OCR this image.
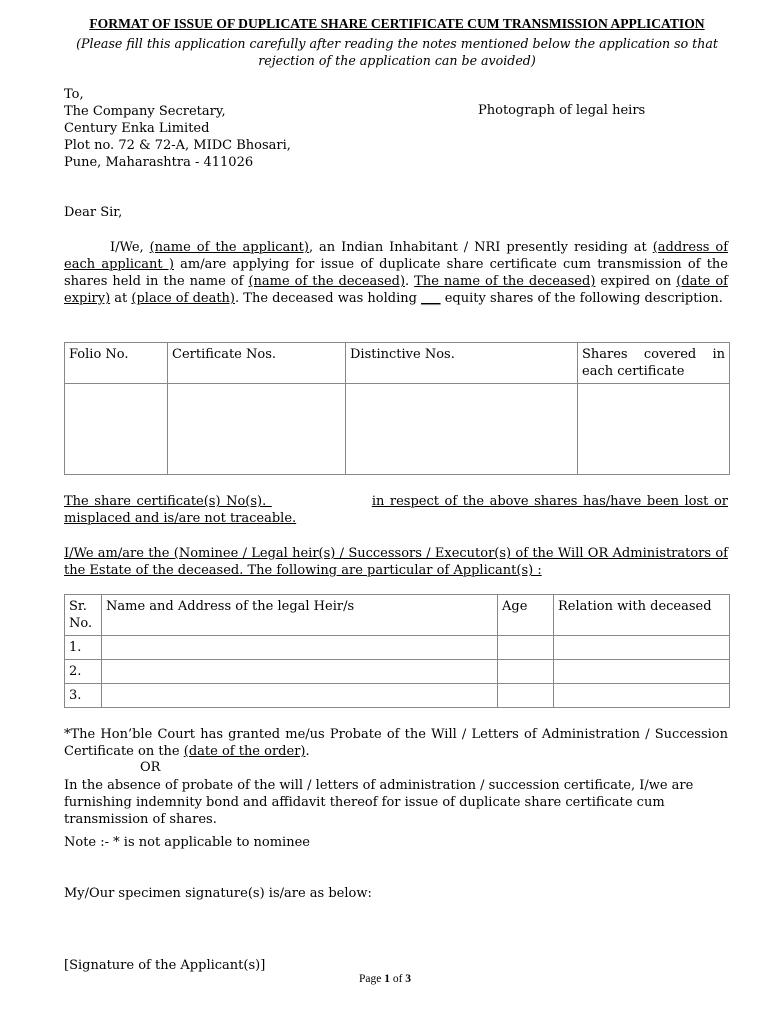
FORMAT OF ISSUE OF DUPLICATE SHARE CERTIFICATE CUM TRANSMISSION APPLICATION
(Please fill this application carefully after reading the notes mentioned below the application so that
rejection of the application can be avoided)
To,
The Company Secretary,
Century Enka Limited
Plot no. 72 & 72-A, MIDC Bhosari,
Pune, Maharashtra - 411026
Photograph of legal heirs
Dear Sir,
I/We, (name of the applicant), an Indian Inhabitant / NRI presently residing at (address of each applicant ) am/are applying for issue of duplicate share certificate cum transmission of the shares held in the name of (name of the deceased). The name of the deceased) expired on (date of expiry) at (place of death). The deceased was holding ___ equity shares of the following description.
Folio No.	Certificate Nos.	Distinctive Nos.	Shares covered in each certificate

The share certificate(s) No(s).	in respect of the above shares has/have been lost or misplaced and is/are not traceable.
I/We am/are the (Nominee / Legal heir(s) / Successors / Executor(s) of the Will OR Administrators of the Estate of the deceased. The following are particular of Applicant(s) :
Sr. No.	Name and Address of the legal Heir/s	Age	Relation with deceased
1.			
2.			
3.			
*The Hon’ble Court has granted me/us Probate of the Will / Letters of Administration / Succession Certificate on the (date of the order).
OR
In the absence of probate of the will / letters of administration / succession certificate, I/we are furnishing indemnity bond and affidavit thereof for issue of duplicate share certificate cum transmission of shares.
Note :- * is not applicable to nominee
My/Our specimen signature(s) is/are as below:
[Signature of the Applicant(s)]
Page 1 of 3
